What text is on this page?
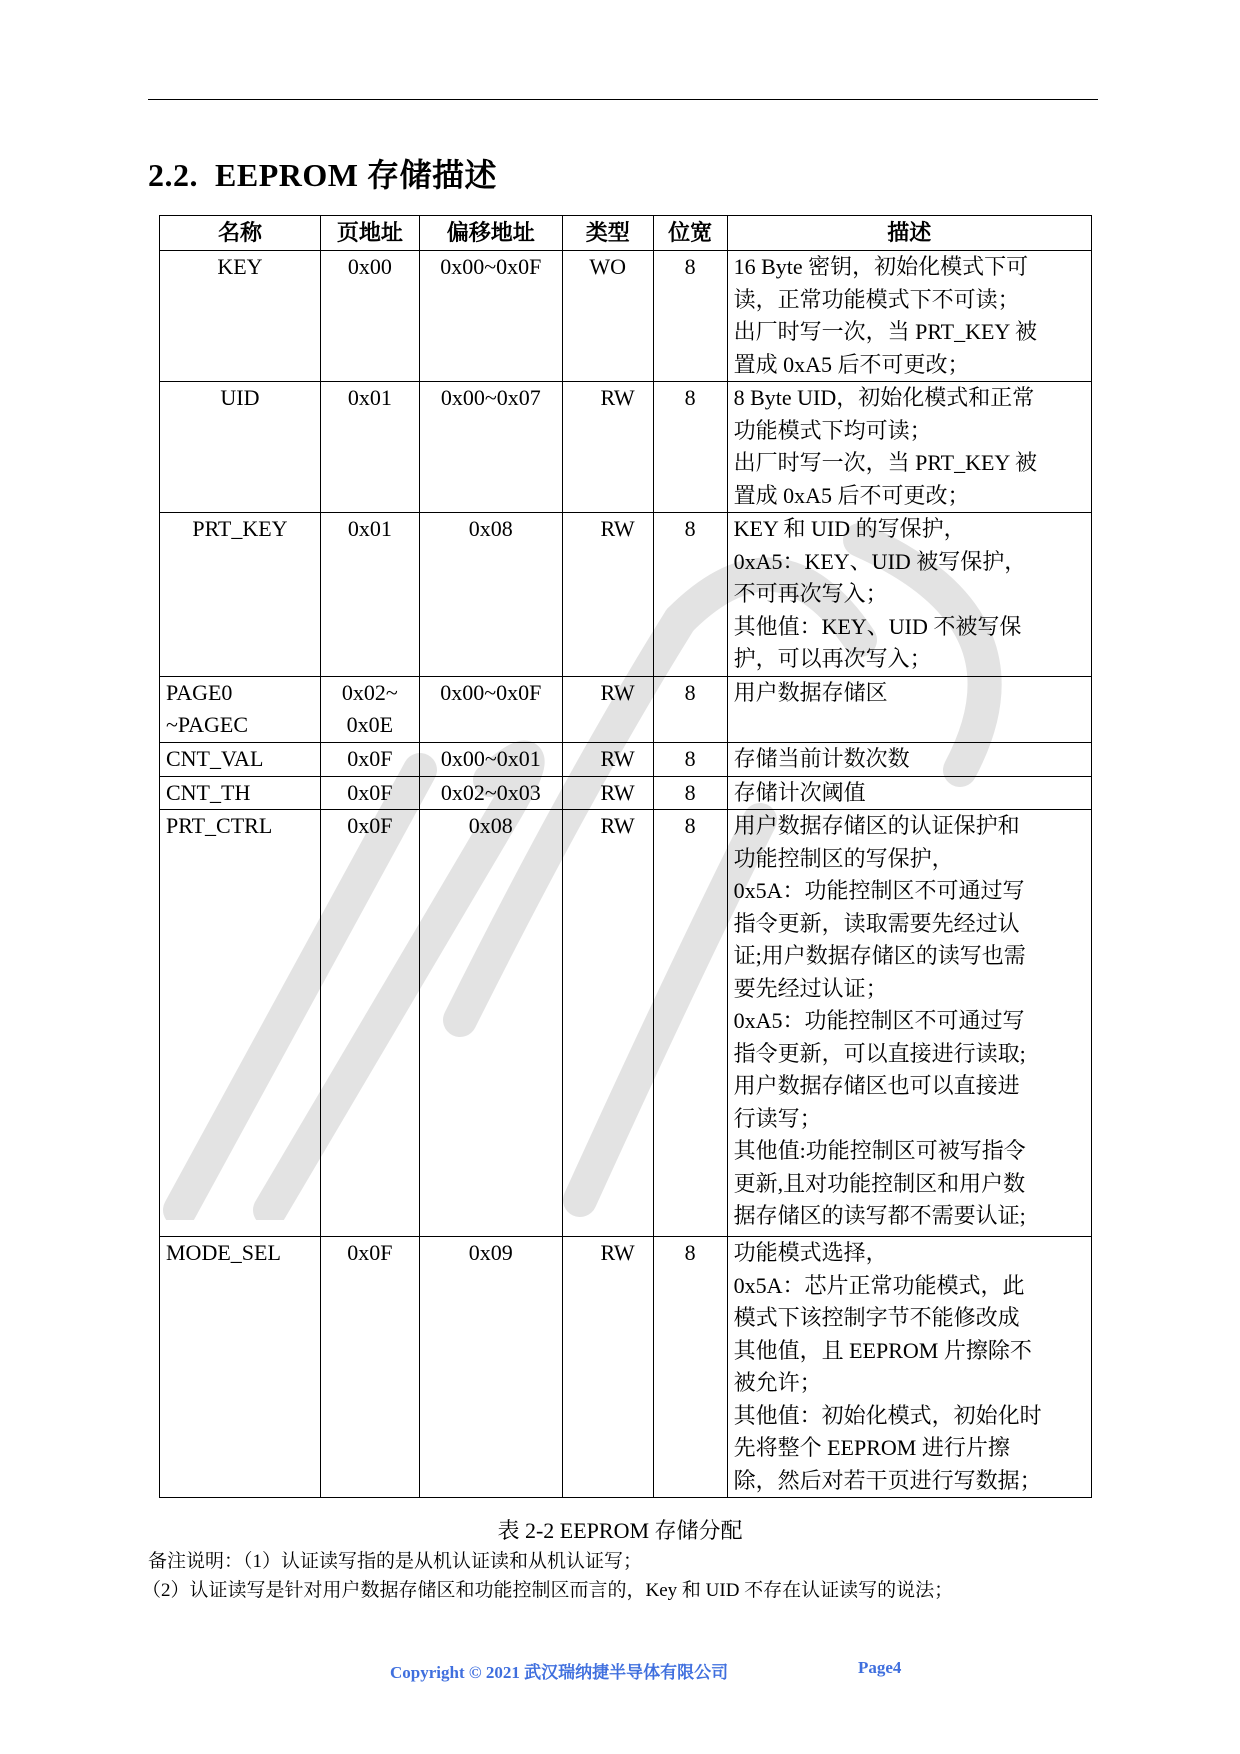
2.2. EEPROM 存储描述
名称	页地址	偏移地址	类型	位宽	描述
KEY	0x00	0x00~0x0F	WO	8	16 Byte 密钥，初始化模式下可
读，正常功能模式下不可读；
出厂时写一次，当 PRT_KEY 被
置成 0xA5 后不可更改；

UID	0x01	0x00~0x07	RW	8	8 Byte UID，初始化模式和正常
功能模式下均可读；
出厂时写一次，当 PRT_KEY 被
置成 0xA5 后不可更改；

PRT_KEY	0x01	0x08	RW	8	KEY 和 UID 的写保护，
0xA5：KEY、UID 被写保护，
不可再次写入；
其他值：KEY、UID 不被写保
护，可以再次写入；

PAGE0
~PAGEC	0x02~
0x0E	0x00~0x0F	RW	8	用户数据存储区

CNT_VAL	0x0F	0x00~0x01	RW	8	存储当前计数次数

CNT_TH	0x0F	0x02~0x03	RW	8	存储计次阈值

PRT_CTRL	0x0F	0x08	RW	8	用户数据存储区的认证保护和
功能控制区的写保护，
0x5A：功能控制区不可通过写
指令更新，读取需要先经过认
证;用户数据存储区的读写也需
要先经过认证；
0xA5：功能控制区不可通过写
指令更新，可以直接进行读取;
用户数据存储区也可以直接进
行读写；
其他值:功能控制区可被写指令
更新,且对功能控制区和用户数
据存储区的读写都不需要认证;

MODE_SEL	0x0F	0x09	RW	8	功能模式选择，
0x5A：芯片正常功能模式，此
模式下该控制字节不能修改成
其他值，且 EEPROM 片擦除不
被允许；
其他值：初始化模式，初始化时
先将整个 EEPROM 进行片擦
除，然后对若干页进行写数据；
表 2-2 EEPROM 存储分配
备注说明：（1）认证读写指的是从机认证读和从机认证写；
（2）认证读写是针对用户数据存储区和功能控制区而言的，Key 和 UID 不存在认证读写的说法；
Copyright © 2021 武汉瑞纳捷半导体有限公司	Page4
